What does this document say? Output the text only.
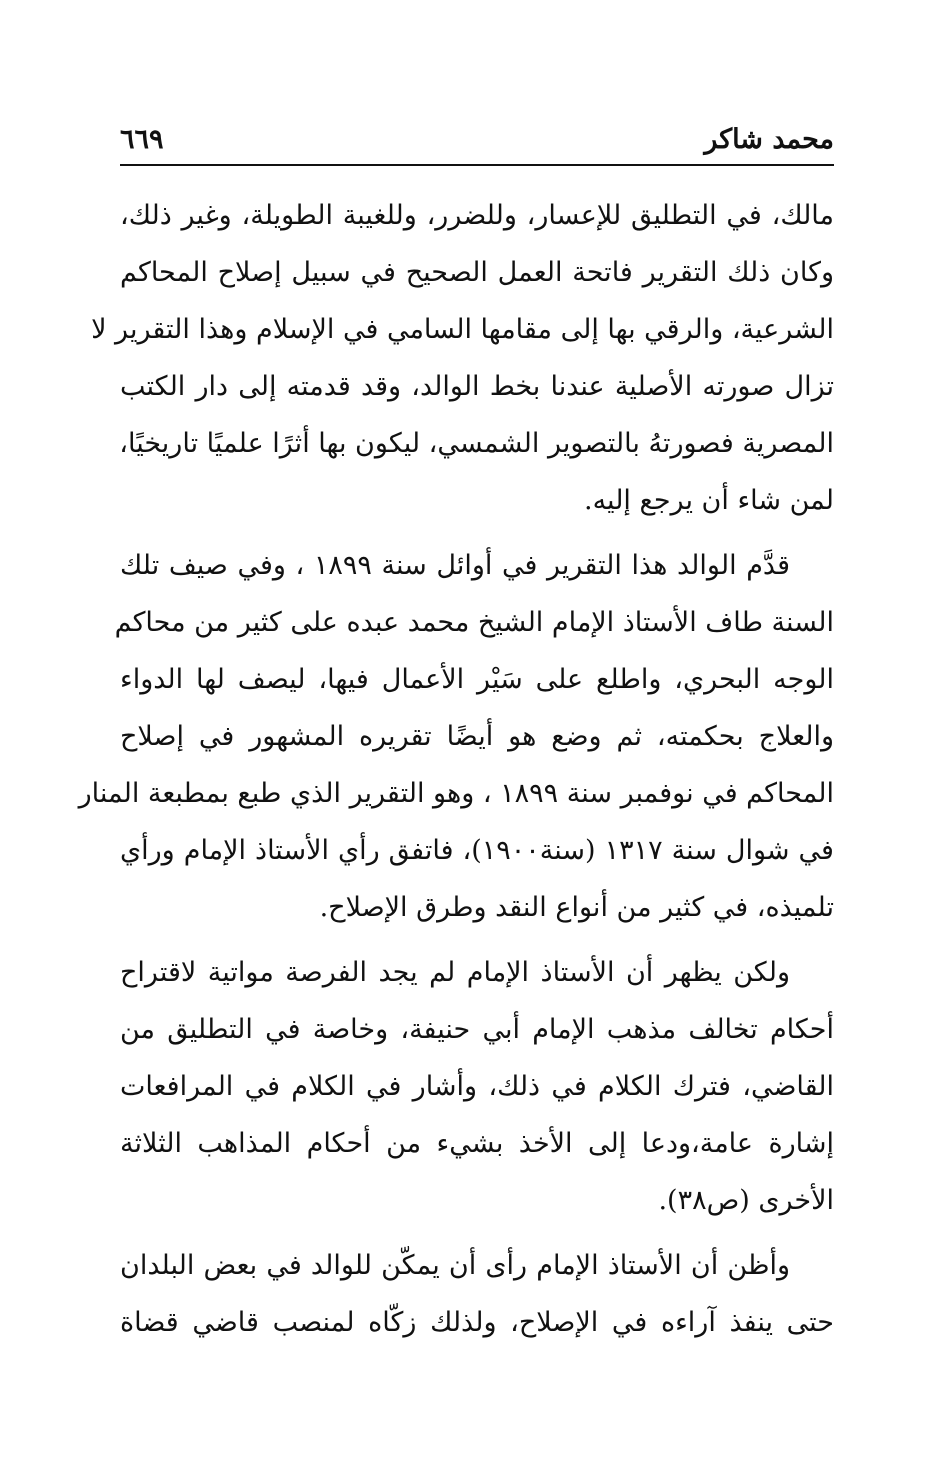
محمد شاكر
٦٦٩

مالك، في التطليق للإعسار، وللضرر، وللغيبة الطويلة، وغير ذلك،
وكان ذلك التقرير فاتحة العمل الصحيح في سبيل إصلاح المحاكم
الشرعية، والرقي بها إلى مقامها السامي في الإسلام وهذا التقرير لا
تزال صورته الأصلية عندنا بخط الوالد، وقد قدمته إلى دار الكتب
المصرية فصورتهُ بالتصوير الشمسي، ليكون بها أثرًا علميًا تاريخيًا،
لمن شاء أن يرجع إليه.

قدَّم الوالد هذا التقرير في أوائل سنة ١٨٩٩ ، وفي صيف تلك
السنة طاف الأستاذ الإمام الشيخ محمد عبده على كثير من محاكم
الوجه البحري، واطلع على سَيْر الأعمال فيها، ليصف لها الدواء
والعلاج بحكمته، ثم وضع هو أيضًا تقريره المشهور في إصلاح
المحاكم في نوفمبر سنة ١٨٩٩ ، وهو التقرير الذي طبع بمطبعة المنار
في شوال سنة ١٣١٧ (سنة١٩٠٠)، فاتفق رأي الأستاذ الإمام ورأي
تلميذه، في كثير من أنواع النقد وطرق الإصلاح.

ولكن يظهر أن الأستاذ الإمام لم يجد الفرصة مواتية لاقتراح
أحكام تخالف مذهب الإمام أبي حنيفة، وخاصة في التطليق من
القاضي، فترك الكلام في ذلك، وأشار في الكلام في المرافعات
إشارة عامة،ودعا إلى الأخذ بشيء من أحكام المذاهب الثلاثة
الأخرى (ص٣٨).

وأظن أن الأستاذ الإمام رأى أن يمكّن للوالد في بعض البلدان
حتى ينفذ آراءه في الإصلاح، ولذلك زكّاه لمنصب قاضي قضاة
